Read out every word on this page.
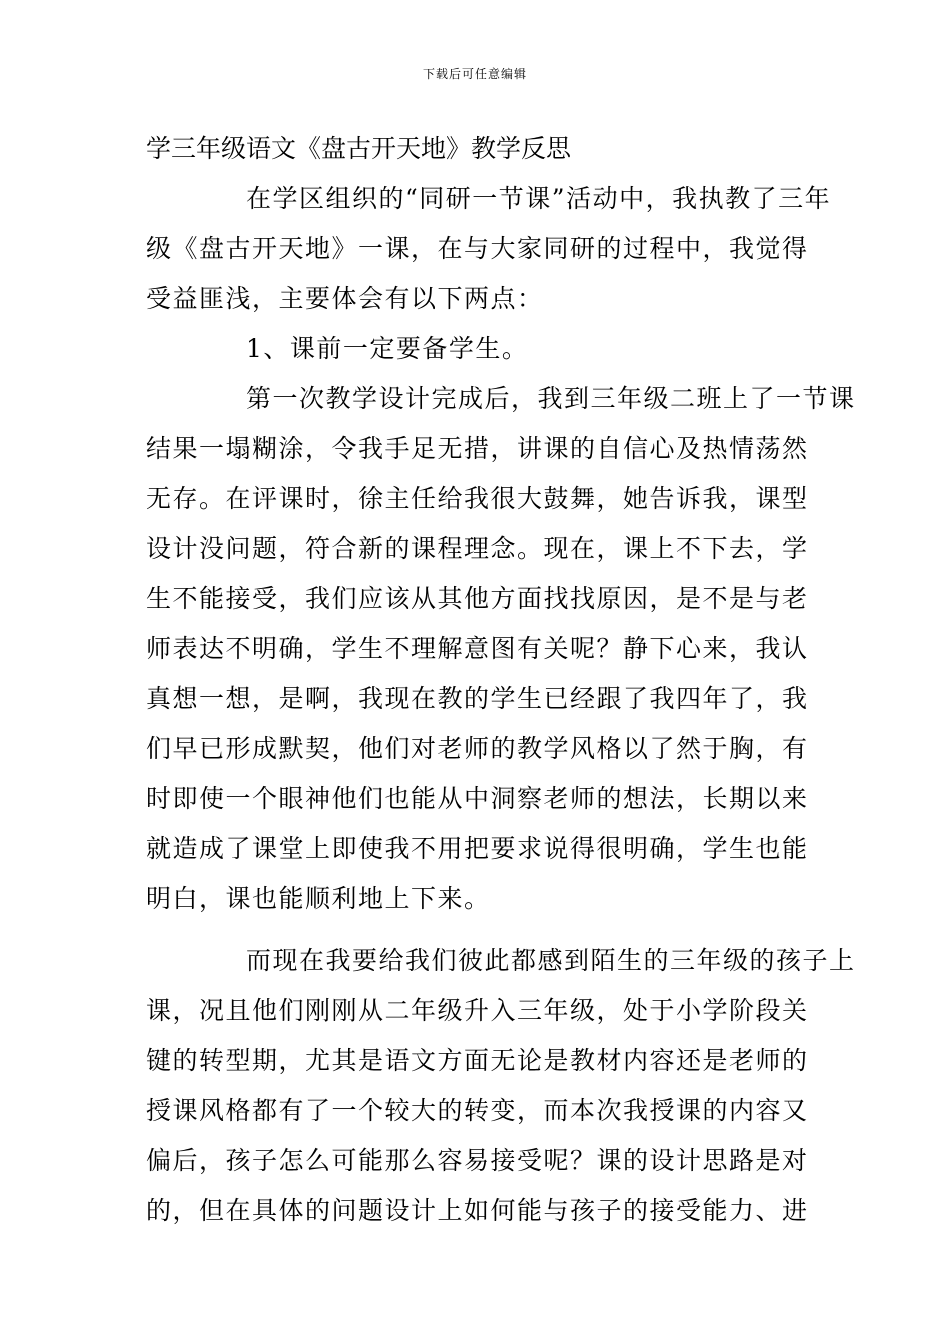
下载后可任意编辑
学三年级语文《盘古开天地》教学反思
在学区组织的“同研一节课”活动中，我执教了三年
级《盘古开天地》一课，在与大家同研的过程中，我觉得
受益匪浅，主要体会有以下两点：
1、课前一定要备学生。
第一次教学设计完成后，我到三年级二班上了一节课
结果一塌糊涂，令我手足无措，讲课的自信心及热情荡然
无存。在评课时，徐主任给我很大鼓舞，她告诉我，课型
设计没问题，符合新的课程理念。现在，课上不下去，学
生不能接受，我们应该从其他方面找找原因，是不是与老
师表达不明确，学生不理解意图有关呢？静下心来，我认
真想一想，是啊，我现在教的学生已经跟了我四年了，我
们早已形成默契，他们对老师的教学风格以了然于胸，有
时即使一个眼神他们也能从中洞察老师的想法，长期以来
就造成了课堂上即使我不用把要求说得很明确，学生也能
明白，课也能顺利地上下来。
而现在我要给我们彼此都感到陌生的三年级的孩子上
课，况且他们刚刚从二年级升入三年级，处于小学阶段关
键的转型期，尤其是语文方面无论是教材内容还是老师的
授课风格都有了一个较大的转变，而本次我授课的内容又
偏后，孩子怎么可能那么容易接受呢？课的设计思路是对
的，但在具体的问题设计上如何能与孩子的接受能力、进
